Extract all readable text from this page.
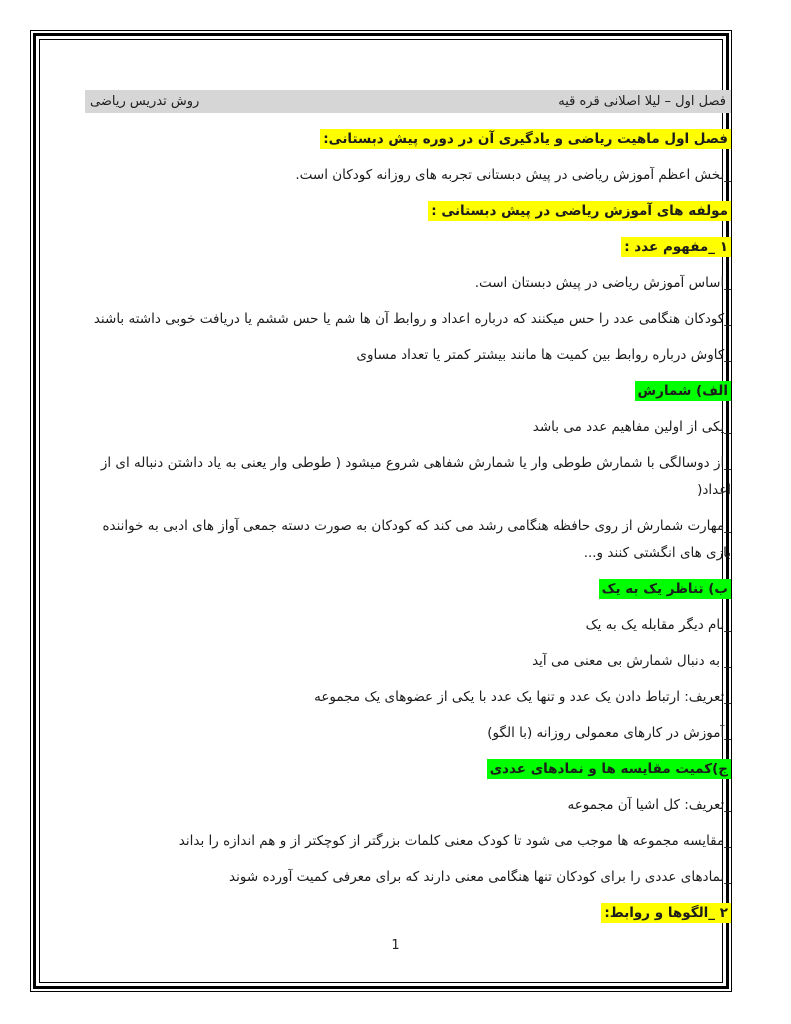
فصل اول – لیلا اصلانی قره قیه
روش تدریس ریاضی
فصل اول ماهیت ریاضی و یادگیری آن در دوره پیش دبستانی:
_بخش اعظم آموزش ریاضی در پیش دبستانی تجربه های روزانه کودکان است.
مولفه های آموزش ریاضی در پیش دبستانی :
۱ _مفهوم عدد :
_اساس آموزش ریاضی در پیش دبستان است.
_کودکان هنگامی عدد را حس میکنند که درباره اعداد و روابط آن ها شم یا حس ششم یا دریافت خوبی داشته باشند
_کاوش درباره روابط بین کمیت ها مانند بیشتر کمتر یا تعداد مساوی
الف) شمارش
_یکی از اولین مفاهیم عدد می باشد
_از دوسالگی با شمارش طوطی وار یا شمارش شفاهی شروع میشود ( طوطی وار یعنی به یاد داشتن دنباله ای از اعداد(
_مهارت شمارش از روی حافظه هنگامی رشد می کند که کودکان به صورت دسته جمعی آواز های ادبی به خواننده بازی های انگشتی کنند و...
ب) تناظر یک به یک
_نام دیگر مقابله یک به یک
_ به دنبال شمارش بی معنی می آید
_تعریف: ارتباط دادن یک عدد و تنها یک عدد با یکی از عضوهای یک مجموعه
_آموزش در کارهای معمولی روزانه (با الگو)
ج)کمیت مقایسه ها و نمادهای عددی
_تعریف: کل اشیا آن مجموعه
_مقایسه مجموعه ها موجب می شود تا کودک معنی کلمات بزرگتر از کوچکتر از و هم اندازه را بداند
_نمادهای عددی را برای کودکان تنها هنگامی معنی دارند که برای معرفی کمیت آورده شوند
۲ _الگوها و روابط:
1
